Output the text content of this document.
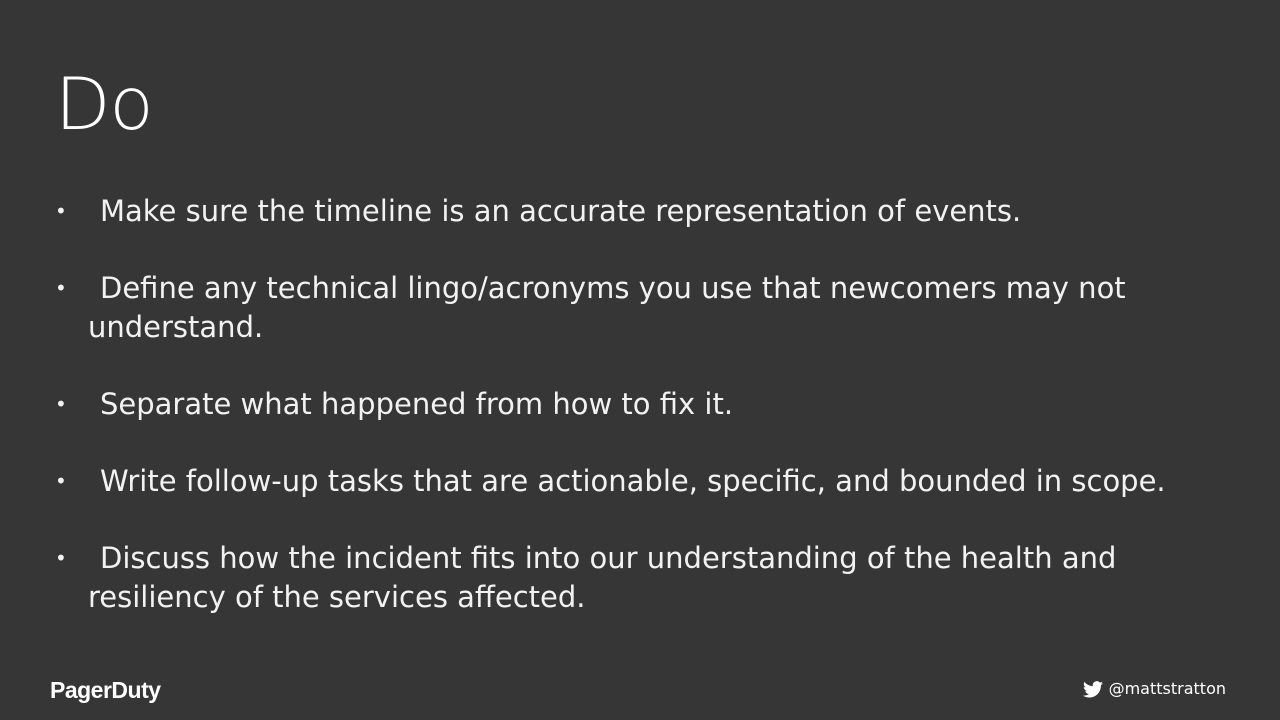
Do
•	Make sure the timeline is an accurate representation of events.
•	Define any technical lingo/acronyms you use that newcomers may not understand.
•	Separate what happened from how to fix it.
•	Write follow-up tasks that are actionable, specific, and bounded in scope.
•	Discuss how the incident fits into our understanding of the health and resiliency of the services affected.
PagerDuty	@mattstratton
